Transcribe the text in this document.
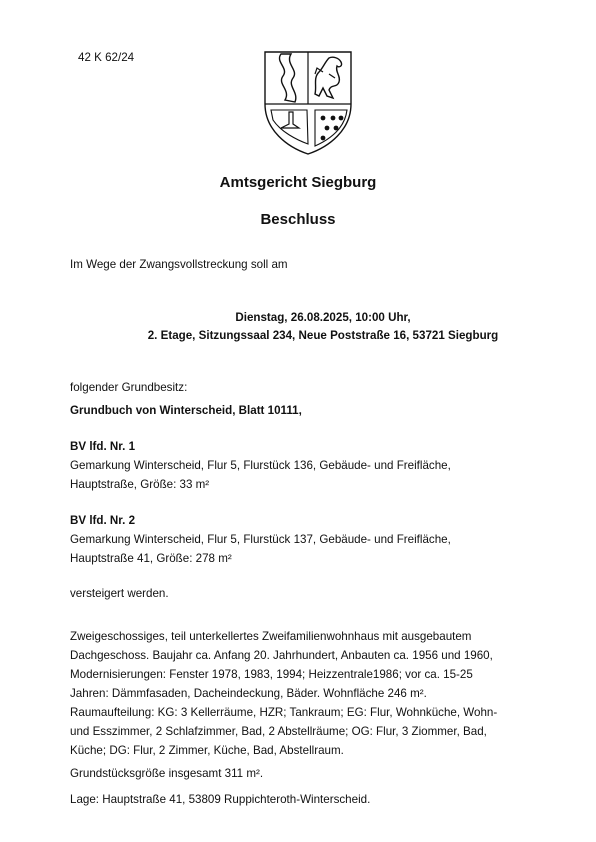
42 K 62/24
Amtsgericht Siegburg
Beschluss
Im Wege der Zwangsvollstreckung soll am
Dienstag, 26.08.2025, 10:00 Uhr,
2. Etage, Sitzungssaal 234, Neue Poststraße 16, 53721 Siegburg
folgender Grundbesitz:
Grundbuch von Winterscheid, Blatt 10111,
BV lfd. Nr. 1
Gemarkung Winterscheid, Flur 5, Flurstück 136, Gebäude- und Freifläche,
Hauptstraße, Größe: 33 m²
BV lfd. Nr. 2
Gemarkung Winterscheid, Flur 5, Flurstück 137, Gebäude- und Freifläche,
Hauptstraße 41, Größe: 278 m²
versteigert werden.
Zweigeschossiges, teil unterkellertes Zweifamilienwohnhaus mit ausgebautem
Dachgeschoss. Baujahr ca. Anfang 20. Jahrhundert, Anbauten ca. 1956 und 1960,
Modernisierungen: Fenster 1978, 1983, 1994; Heizzentrale1986; vor ca. 15-25
Jahren: Dämmfasaden, Dacheindeckung, Bäder. Wohnfläche 246 m².
Raumaufteilung: KG: 3 Kellerräume, HZR; Tankraum; EG: Flur, Wohnküche, Wohn-
und Esszimmer, 2 Schlafzimmer, Bad, 2 Abstellräume; OG: Flur, 3 Ziommer, Bad,
Küche; DG: Flur, 2 Zimmer, Küche, Bad, Abstellraum.
Grundstücksgröße insgesamt 311 m².
Lage: Hauptstraße 41, 53809 Ruppichteroth-Winterscheid.
